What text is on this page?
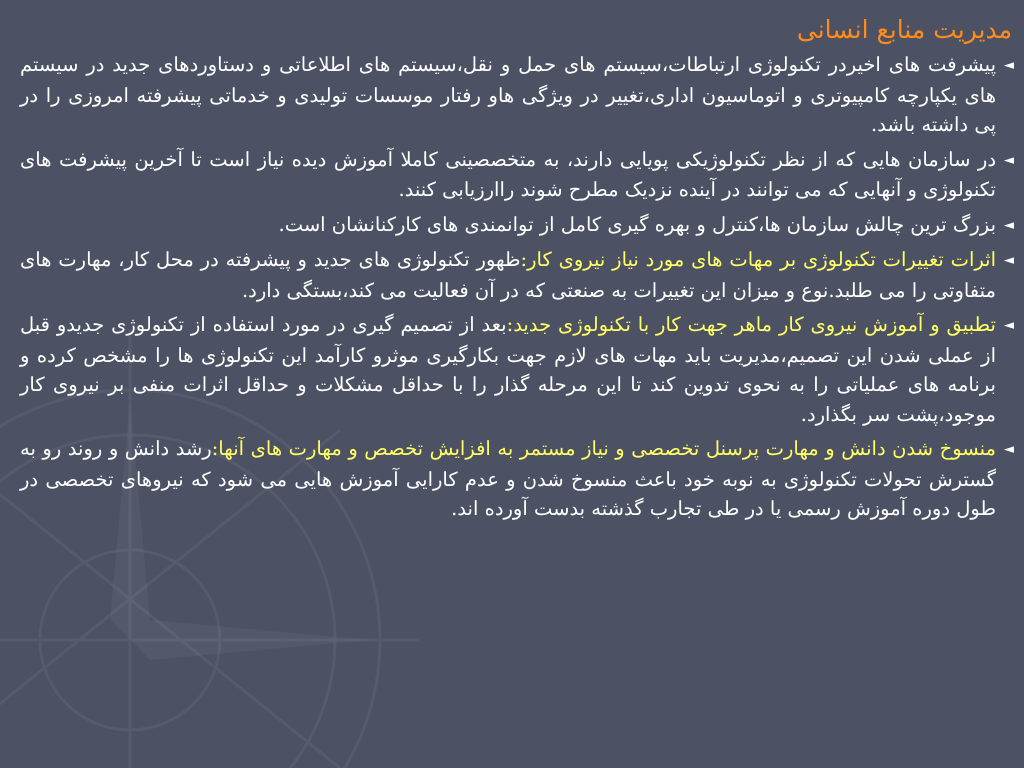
مدیریت منابع انسانی

◄پیشرفت های اخیردر تکنولوژی ارتباطات،سیستم های حمل و نقل،سیستم های اطلاعاتی و دستاوردهای جدید در سیستم های یکپارچه کامپیوتری و اتوماسیون اداری،تغییر در ویژگی هاو رفتار موسسات تولیدی و خدماتی پیشرفته امروزی را در پی داشته باشد.

◄در سازمان هایی که از نظر تکنولوژیکی پویایی دارند، به متخصصینی کاملا آموزش دیده نیاز است تا آخرین پیشرفت های تکنولوژی و آنهایی که می توانند در آینده نزدیک مطرح شوند راارزیابی کنند.

◄بزرگ ترین چالش سازمان ها،کنترل و بهره گیری کامل از توانمندی های کارکنانشان است.

◄اثرات تغییرات تکنولوژی بر مهات های مورد نیاز نیروی کار:ظهور تکنولوژی های جدید و پیشرفته در محل کار، مهارت های متفاوتی را می طلبد.نوع و میزان این تغییرات به صنعتی که در آن فعالیت می کند،بستگی دارد.

◄تطبیق و آموزش نیروی کار ماهر جهت کار با تکنولوژی جدید:بعد از تصمیم گیری در مورد استفاده از تکنولوژی جدیدو قبل از عملی شدن این تصمیم،مدیریت باید مهات های لازم جهت بکارگیری موثرو کارآمد این تکنولوژی ها را مشخص کرده و برنامه های عملیاتی را به نحوی تدوین کند تا این مرحله گذار را با حداقل مشکلات و حداقل اثرات منفی بر نیروی کار موجود،پشت سر بگذارد.

◄منسوخ شدن دانش و مهارت پرسنل تخصصی و نیاز مستمر به افزایش تخصص و مهارت های آنها:رشد دانش و روند رو به گسترش تحولات تکنولوژی به نوبه خود باعث منسوخ شدن و عدم کارایی آموزش هایی می شود که نیروهای تخصصی در طول دوره آموزش رسمی یا در طی تجارب گذشته بدست آورده اند.
